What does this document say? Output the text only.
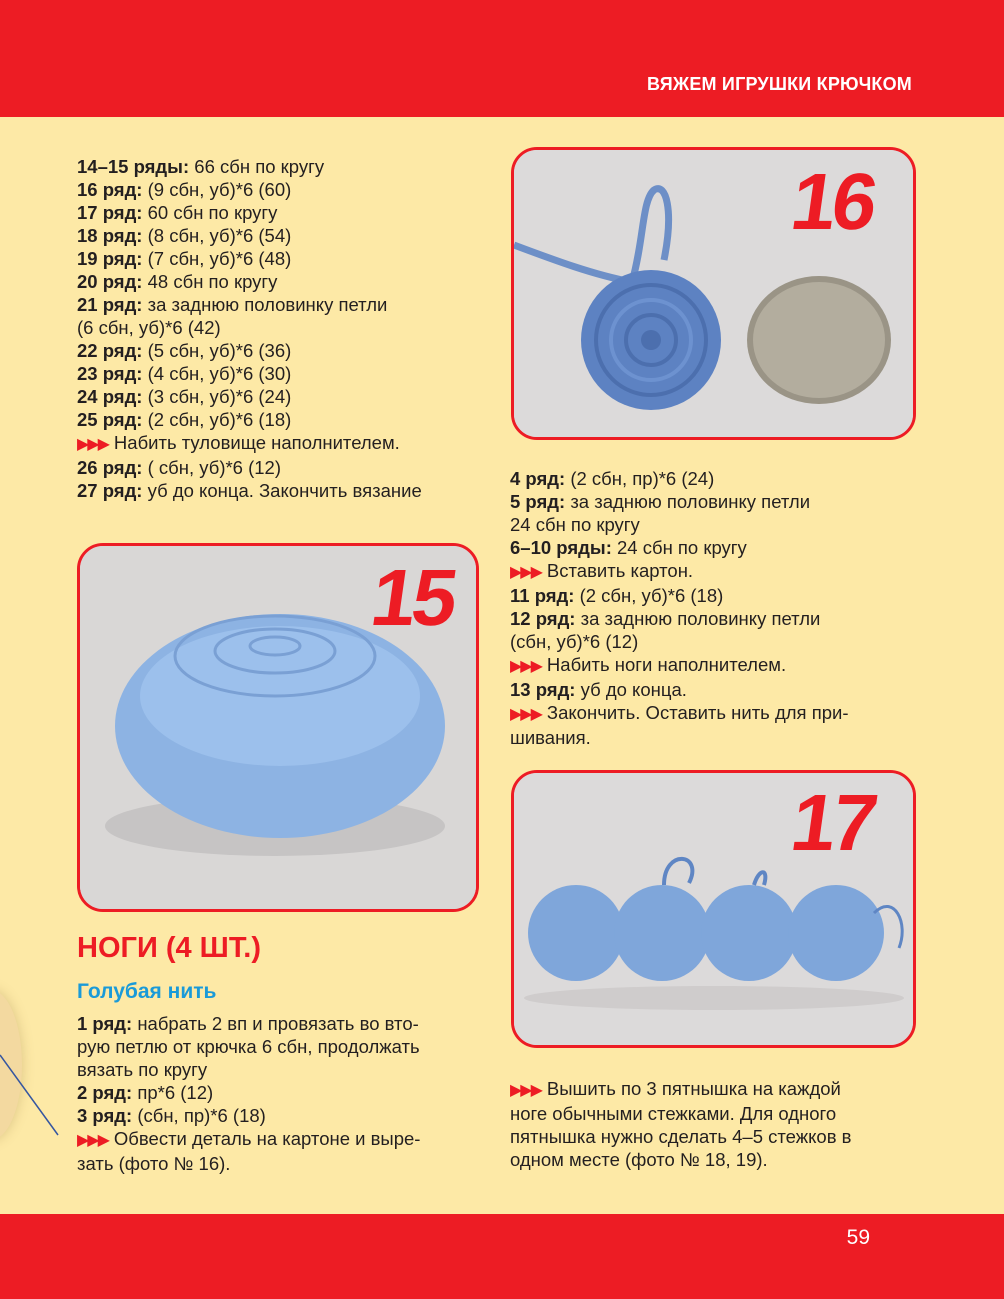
ВЯЖЕМ ИГРУШКИ КРЮЧКОМ
14–15 ряды: 66 сбн по кругу
16 ряд: (9 сбн, уб)*6 (60)
17 ряд: 60 сбн по кругу
18 ряд: (8 сбн, уб)*6 (54)
19 ряд: (7 сбн, уб)*6 (48)
20 ряд: 48 сбн по кругу
21 ряд: за заднюю половинку петли
(6 сбн, уб)*6 (42)
22 ряд: (5 сбн, уб)*6 (36)
23 ряд: (4 сбн, уб)*6 (30)
24 ряд: (3 сбн, уб)*6 (24)
25 ряд: (2 сбн, уб)*6 (18)
▶▶▶ Набить туловище наполнителем.
26 ряд: ( сбн, уб)*6 (12)
27 ряд: уб до конца. Закончить вязание
16
4 ряд: (2 сбн, пр)*6 (24)
5 ряд: за заднюю половинку петли
24 сбн по кругу
6–10 ряды: 24 сбн по кругу
▶▶▶ Вставить картон.
11 ряд: (2 сбн, уб)*6 (18)
12 ряд: за заднюю половинку петли
(сбн, уб)*6 (12)
▶▶▶ Набить ноги наполнителем.
13 ряд: уб до конца.
▶▶▶ Закончить. Оставить нить для при-
шивания.
15
17
НОГИ (4 ШТ.)
Голубая нить
1 ряд: набрать 2 вп и провязать во вто-
рую петлю от крючка 6 сбн, продолжать
вязать по кругу
2 ряд: пр*6 (12)
3 ряд: (сбн, пр)*6 (18)
▶▶▶ Обвести деталь на картоне и выре-
зать (фото № 16).
▶▶▶ Вышить по 3 пятнышка на каждой
ноге обычными стежками. Для одного
пятнышка нужно сделать 4–5 стежков в
одном месте (фото № 18, 19).
59
